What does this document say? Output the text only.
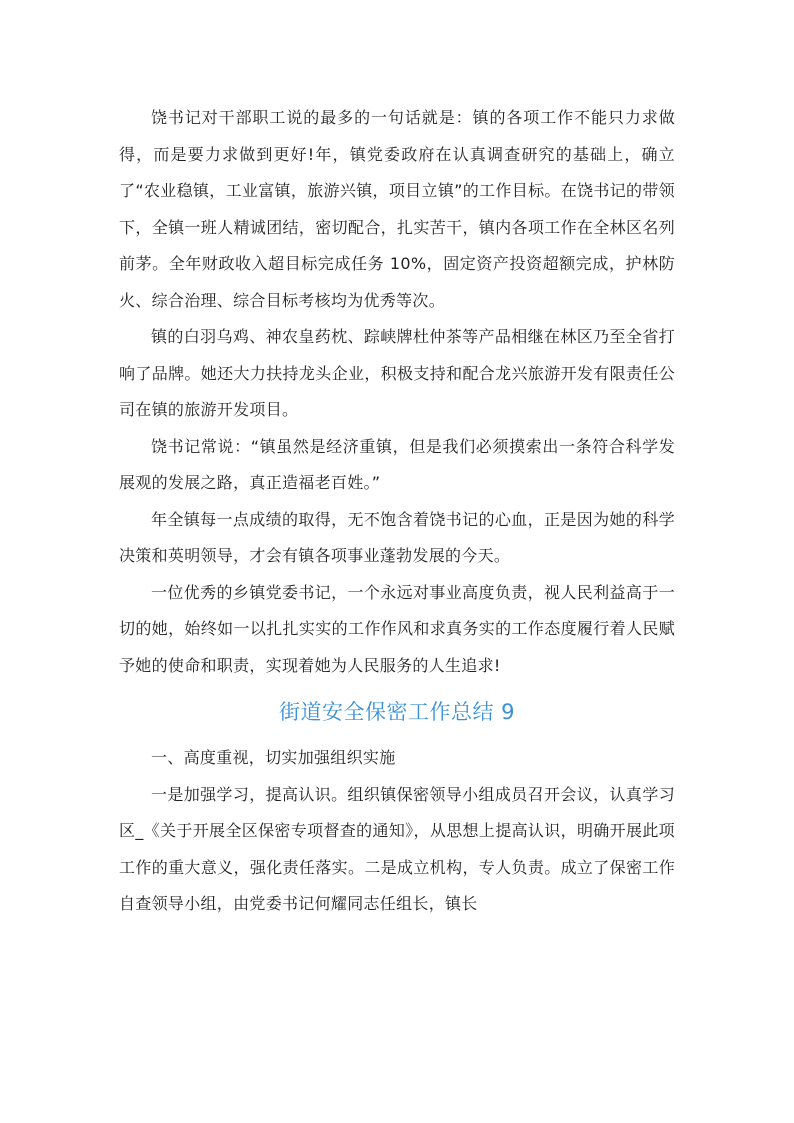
饶书记对干部职工说的最多的一句话就是：镇的各项工作不能只力求做得，而是要力求做到更好!年，镇党委政府在认真调查研究的基础上，确立了“农业稳镇，工业富镇，旅游兴镇，项目立镇”的工作目标。在饶书记的带领下，全镇一班人精诚团结，密切配合，扎实苦干，镇内各项工作在全林区名列前茅。全年财政收入超目标完成任务 10%，固定资产投资超额完成，护林防火、综合治理、综合目标考核均为优秀等次。

镇的白羽乌鸡、神农皇药枕、踪峡牌杜仲茶等产品相继在林区乃至全省打响了品牌。她还大力扶持龙头企业，积极支持和配合龙兴旅游开发有限责任公司在镇的旅游开发项目。

饶书记常说：“镇虽然是经济重镇，但是我们必须摸索出一条符合科学发展观的发展之路，真正造福老百姓。”

年全镇每一点成绩的取得，无不饱含着饶书记的心血，正是因为她的科学决策和英明领导，才会有镇各项事业蓬勃发展的今天。

一位优秀的乡镇党委书记，一个永远对事业高度负责，视人民利益高于一切的她，始终如一以扎扎实实的工作作风和求真务实的工作态度履行着人民赋予她的使命和职责，实现着她为人民服务的人生追求!

街道安全保密工作总结 9

一、高度重视，切实加强组织实施

一是加强学习，提高认识。组织镇保密领导小组成员召开会议，认真学习区_《关于开展全区保密专项督查的通知》，从思想上提高认识，明确开展此项工作的重大意义，强化责任落实。二是成立机构，专人负责。成立了保密工作自查领导小组，由党委书记何耀同志任组长，镇长
